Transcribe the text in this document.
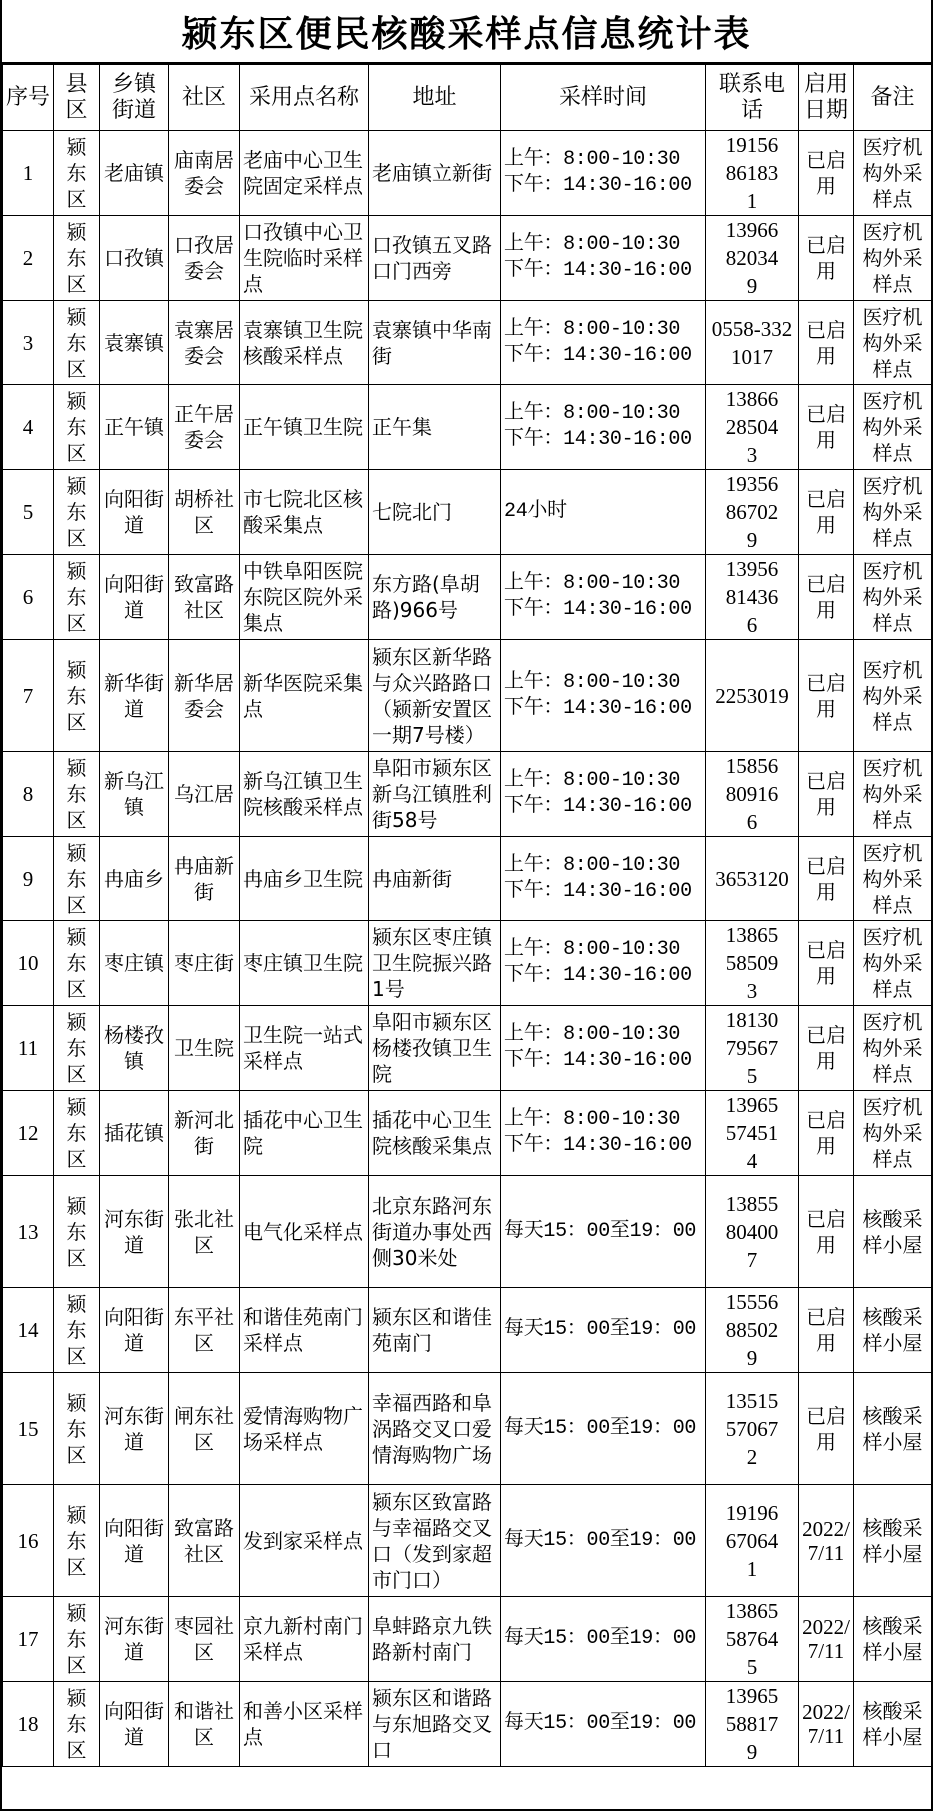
颍东区便民核酸采样点信息统计表
序号	县区	乡镇街道	社区	采用点名称	地址	采样时间	联系电话	启用日期	备注
1	颍东区	老庙镇	庙南居委会	老庙中心卫生院固定采样点	老庙镇立新街	上午：8:00-10:30
下午：14:30-16:00	19156861831	已启用	医疗机构外采样点
2	颍东区	口孜镇	口孜居委会	口孜镇中心卫生院临时采样点	口孜镇五叉路口门西旁	上午：8:00-10:30
下午：14:30-16:00	13966820349	已启用	医疗机构外采样点
3	颍东区	袁寨镇	袁寨居委会	袁寨镇卫生院核酸采样点	袁寨镇中华南街	上午：8:00-10:30
下午：14:30-16:00	0558-3321017	已启用	医疗机构外采样点
4	颍东区	正午镇	正午居委会	正午镇卫生院	正午集	上午：8:00-10:30
下午：14:30-16:00	13866285043	已启用	医疗机构外采样点
5	颍东区	向阳街道	胡桥社区	市七院北区核酸采集点	七院北门	24小时	19356867029	已启用	医疗机构外采样点
6	颍东区	向阳街道	致富路社区	中铁阜阳医院东院区院外采集点	东方路(阜胡路)966号	上午：8:00-10:30
下午：14:30-16:00	13956814366	已启用	医疗机构外采样点
7	颍东区	新华街道	新华居委会	新华医院采集点	颍东区新华路与众兴路路口（颍新安置区一期7号楼）	上午：8:00-10:30
下午：14:30-16:00	2253019	已启用	医疗机构外采样点
8	颍东区	新乌江镇	乌江居	新乌江镇卫生院核酸采样点	阜阳市颍东区新乌江镇胜利街58号	上午：8:00-10:30
下午：14:30-16:00	15856809166	已启用	医疗机构外采样点
9	颍东区	冉庙乡	冉庙新街	冉庙乡卫生院	冉庙新街	上午：8:00-10:30
下午：14:30-16:00	3653120	已启用	医疗机构外采样点
10	颍东区	枣庄镇	枣庄街	枣庄镇卫生院	颍东区枣庄镇卫生院振兴路1号	上午：8:00-10:30
下午：14:30-16:00	13865585093	已启用	医疗机构外采样点
11	颍东区	杨楼孜镇	卫生院	卫生院一站式采样点	阜阳市颍东区杨楼孜镇卫生院	上午：8:00-10:30
下午：14:30-16:00	18130795675	已启用	医疗机构外采样点
12	颍东区	插花镇	新河北街	插花中心卫生院	插花中心卫生院核酸采集点	上午：8:00-10:30
下午：14:30-16:00	13965574514	已启用	医疗机构外采样点
13	颍东区	河东街道	张北社区	电气化采样点	北京东路河东街道办事处西侧30米处	每天15：00至19：00	13855804007	已启用	核酸采样小屋
14	颍东区	向阳街道	东平社区	和谐佳苑南门采样点	颍东区和谐佳苑南门	每天15：00至19：00	15556885029	已启用	核酸采样小屋
15	颍东区	河东街道	闸东社区	爱情海购物广场采样点	幸福西路和阜涡路交叉口爱情海购物广场	每天15：00至19：00	13515570672	已启用	核酸采样小屋
16	颍东区	向阳街道	致富路社区	发到家采样点	颍东区致富路与幸福路交叉口（发到家超市门口）	每天15：00至19：00	19196670641	2022/7/11	核酸采样小屋
17	颍东区	河东街道	枣园社区	京九新村南门采样点	阜蚌路京九铁路新村南门	每天15：00至19：00	13865587645	2022/7/11	核酸采样小屋
18	颍东区	向阳街道	和谐社区	和善小区采样点	颍东区和谐路与东旭路交叉口	每天15：00至19：00	13965588179	2022/7/11	核酸采样小屋
